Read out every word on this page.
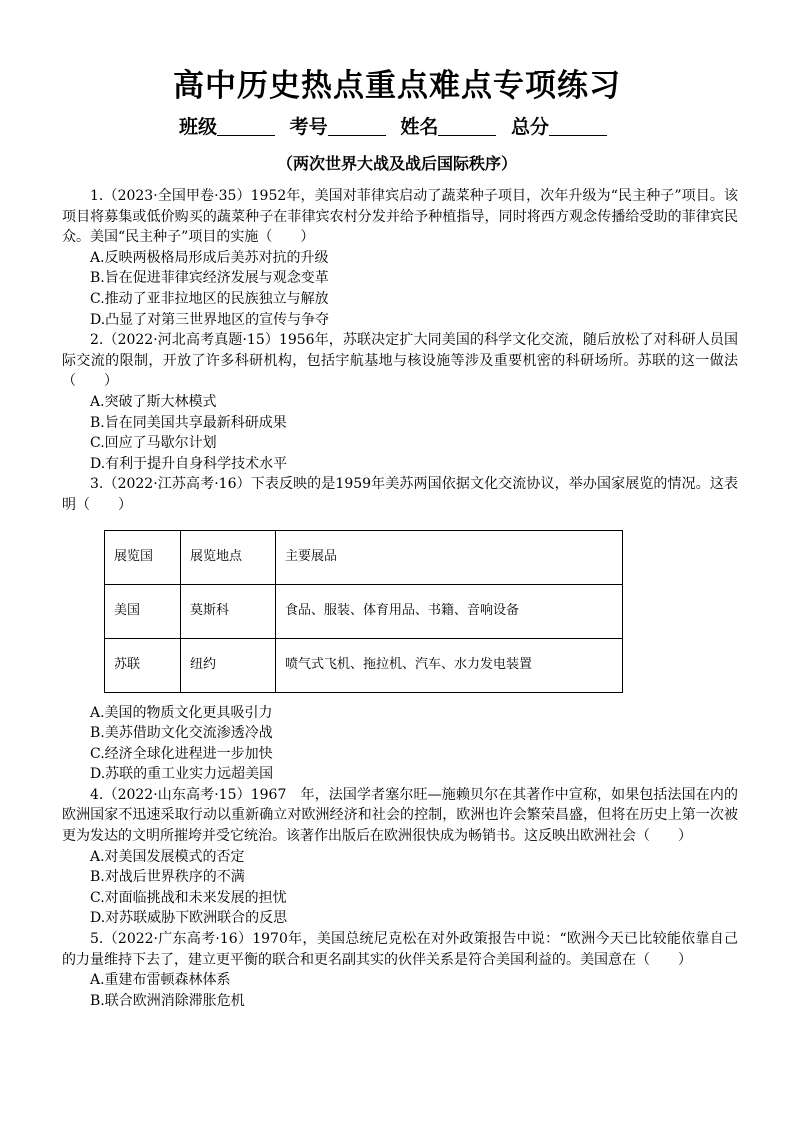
高中历史热点重点难点专项练习
班级	考号	姓名	总分
（两次世界大战及战后国际秩序）

1.（2023·全国甲卷·35）1952年，美国对菲律宾启动了蔬菜种子项目，次年升级为“民主种子”项目。该项目将募集或低价购买的蔬菜种子在菲律宾农村分发并给予种植指导，同时将西方观念传播给受助的菲律宾民众。美国“民主种子”项目的实施（　　）

A.反映两极格局形成后美苏对抗的升级

B.旨在促进菲律宾经济发展与观念变革

C.推动了亚非拉地区的民族独立与解放

D.凸显了对第三世界地区的宣传与争夺

2.（2022·河北高考真题·15）1956年，苏联决定扩大同美国的科学文化交流，随后放松了对科研人员国际交流的限制，开放了许多科研机构，包括宇航基地与核设施等涉及重要机密的科研场所。苏联的这一做法（　　）

A.突破了斯大林模式

B.旨在同美国共享最新科研成果

C.回应了马歇尔计划

D.有利于提升自身科学技术水平

3.（2022·江苏高考·16）下表反映的是1959年美苏两国依据文化交流协议，举办国家展览的情况。这表明（　　）

展览国	展览地点	主要展品
美国	莫斯科	食品、服装、体育用品、书籍、音响设备
苏联	纽约	喷气式飞机、拖拉机、汽车、水力发电装置

A.美国的物质文化更具吸引力

B.美苏借助文化交流渗透冷战

C.经济全球化进程进一步加快

D.苏联的重工业实力远超美国

4.（2022·山东高考·15）1967　年，法国学者塞尔旺—施赖贝尔在其著作中宣称，如果包括法国在内的欧洲国家不迅速采取行动以重新确立对欧洲经济和社会的控制，欧洲也许会繁荣昌盛，但将在历史上第一次被更为发达的文明所摧垮并受它统治。该著作出版后在欧洲很快成为畅销书。这反映出欧洲社会（　　）

A.对美国发展模式的否定

B.对战后世界秩序的不满

C.对面临挑战和未来发展的担忧

D.对苏联威胁下欧洲联合的反思

5.（2022·广东高考·16）1970年，美国总统尼克松在对外政策报告中说：“欧洲今天已比较能依靠自己的力量维持下去了，建立更平衡的联合和更名副其实的伙伴关系是符合美国利益的。美国意在（　　）

A.重建布雷顿森林体系

B.联合欧洲消除滞胀危机
